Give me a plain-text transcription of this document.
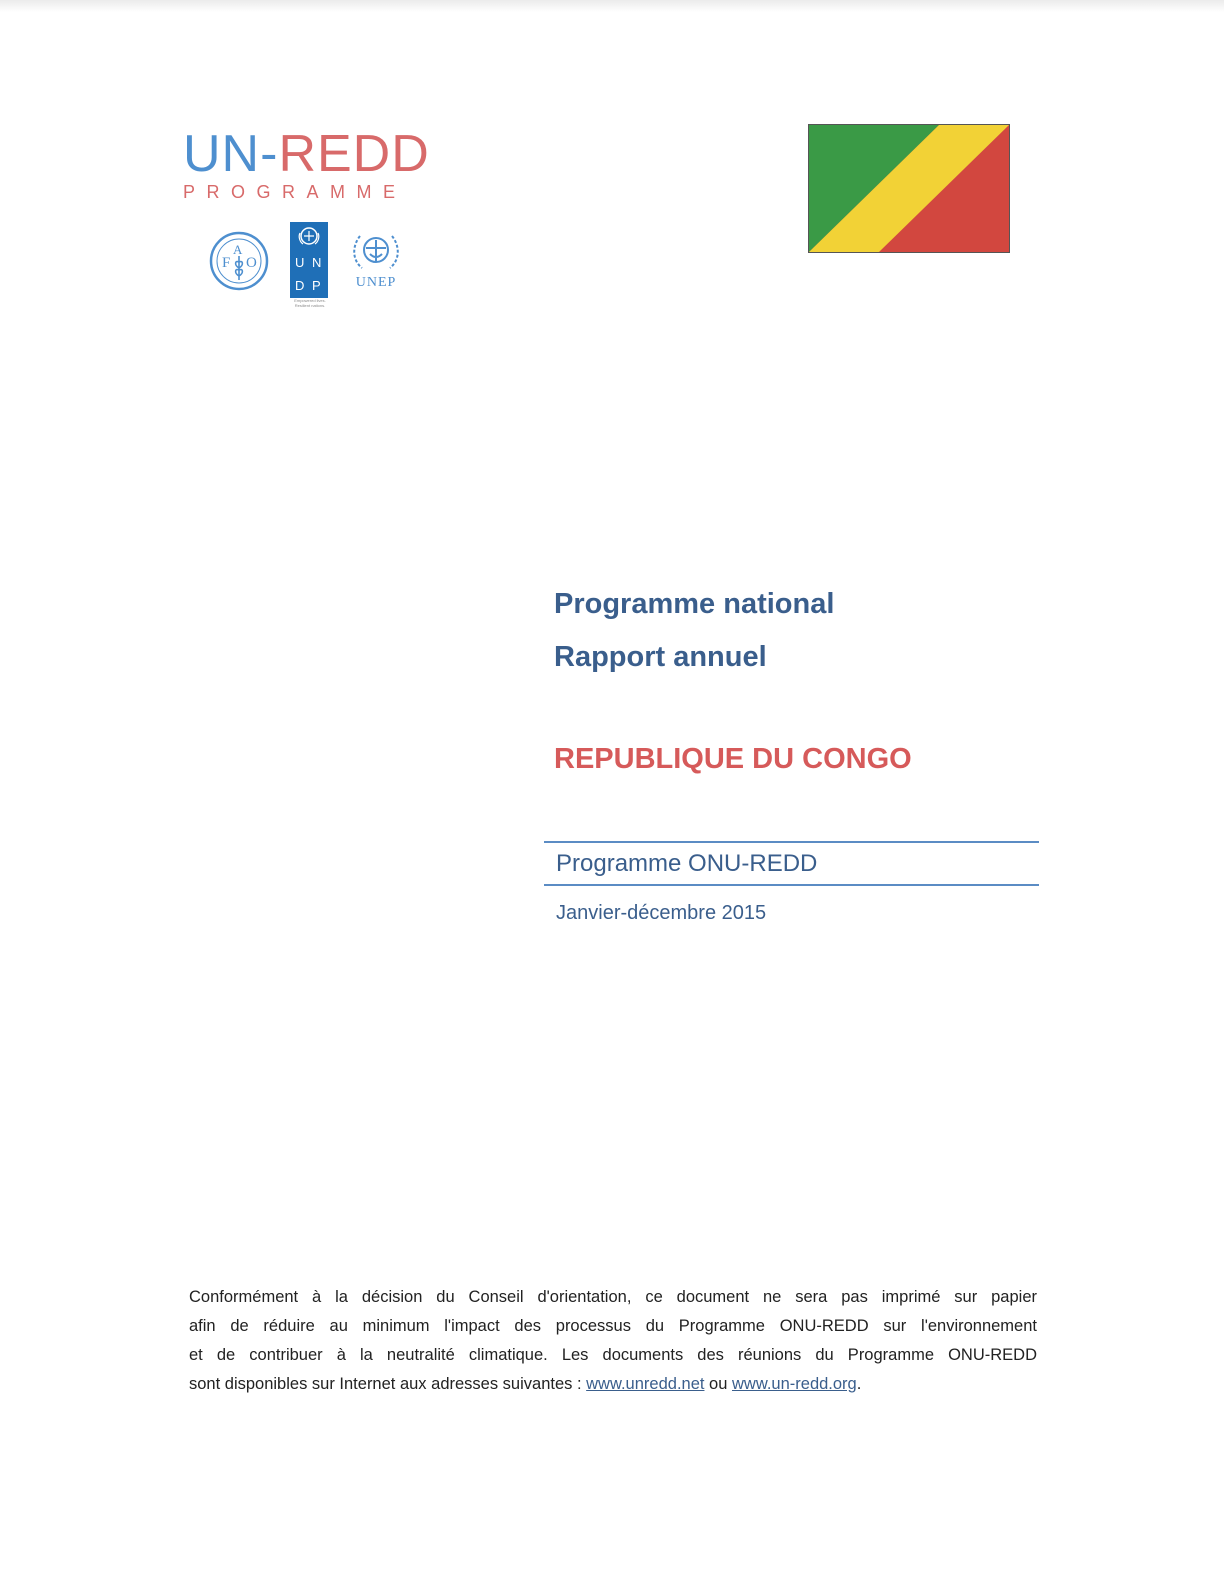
UN-REDD
PROGRAMME
F
A
O	U N
D P
Empowered lives. Resilient nations.
UNEP
Programme national
Rapport annuel
REPUBLIQUE DU CONGO
Programme ONU-REDD
Janvier-décembre 2015
Conformément à la décision du Conseil d'orientation, ce document ne sera pas imprimé sur papier
afin de réduire au minimum l'impact des processus du Programme ONU-REDD sur l'environnement
et de contribuer à la neutralité climatique. Les documents des réunions du Programme ONU-REDD
sont disponibles sur Internet aux adresses suivantes : www.unredd.net ou www.un-redd.org.
